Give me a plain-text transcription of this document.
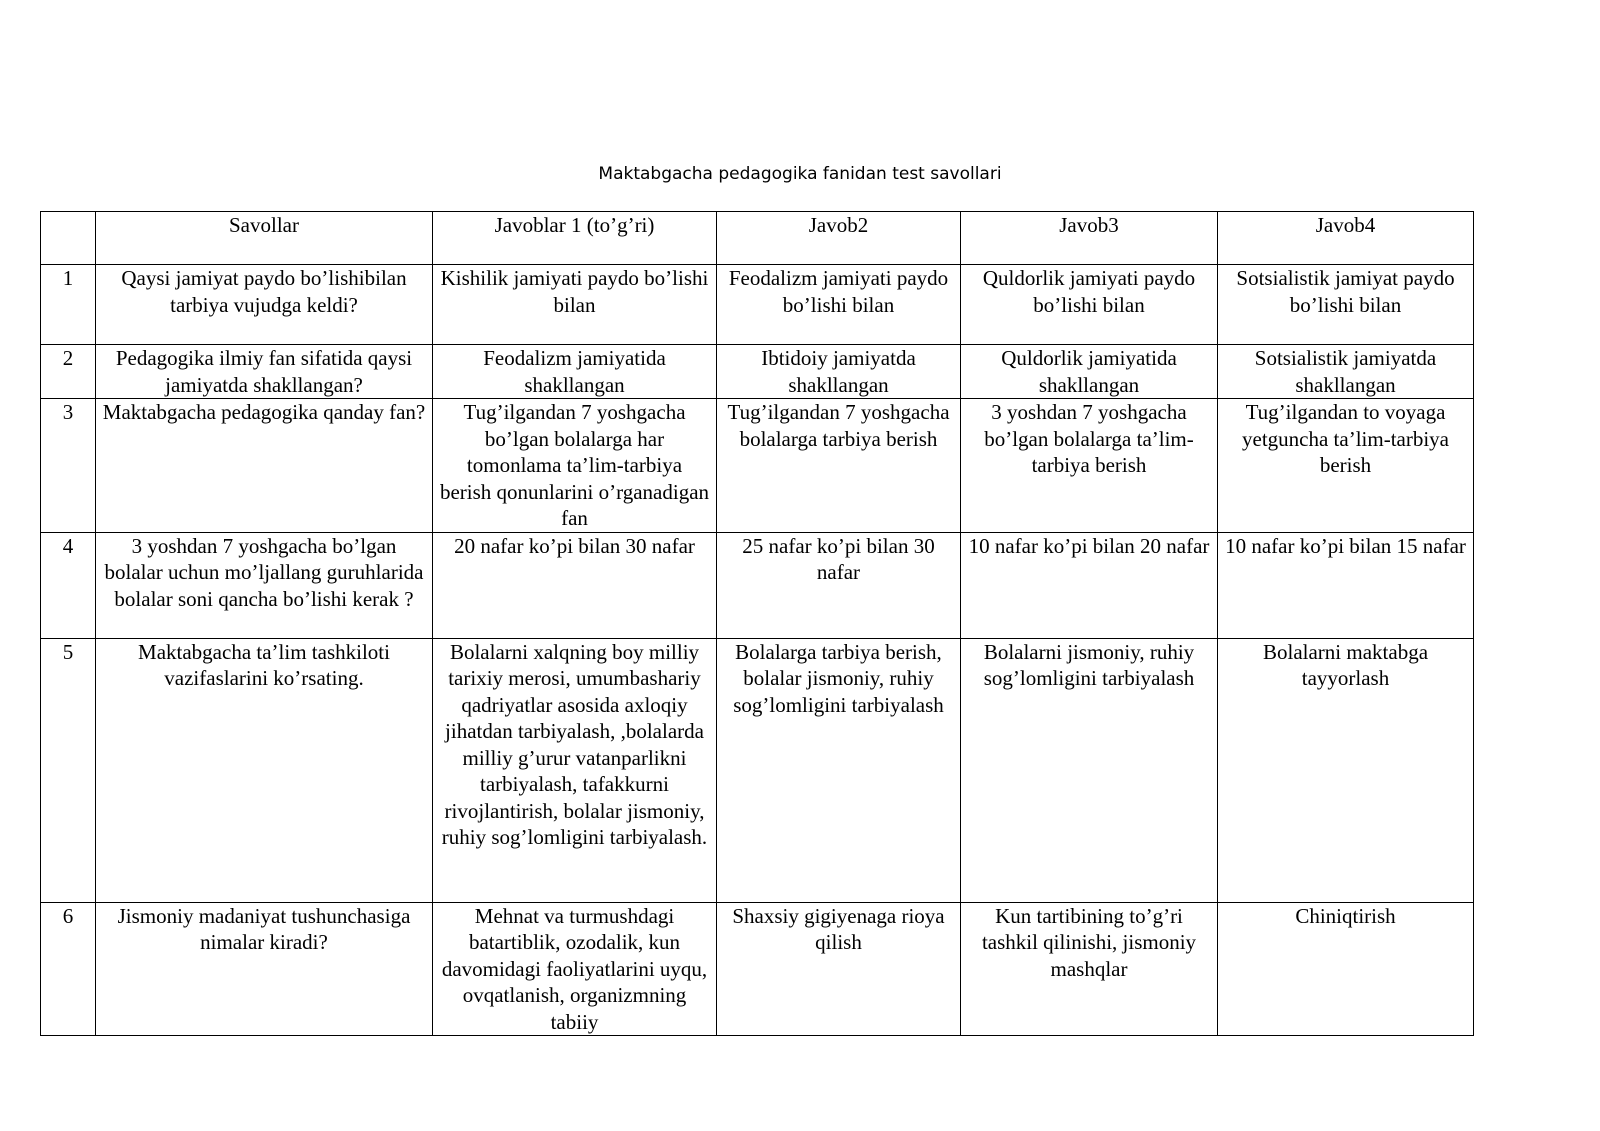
Maktabgacha pedagogika fanidan test savollari
	Savollar	Javoblar 1 (to’g’ri)	Javob2	Javob3	Javob4
1	Qaysi jamiyat paydo bo’lishibilan tarbiya vujudga keldi?	Kishilik jamiyati paydo bo’lishi bilan	Feodalizm jamiyati paydo bo’lishi bilan	Quldorlik jamiyati paydo bo’lishi bilan	Sotsialistik jamiyat paydo bo’lishi bilan
2	Pedagogika ilmiy fan sifatida qaysi jamiyatda shakllangan?	Feodalizm jamiyatida shakllangan	Ibtidoiy jamiyatda shakllangan	Quldorlik jamiyatida shakllangan	Sotsialistik jamiyatda shakllangan
3	Maktabgacha pedagogika qanday fan?	Tug’ilgandan 7 yoshgacha bo’lgan bolalarga har tomonlama ta’lim-tarbiya berish qonunlarini o’rganadigan fan	Tug’ilgandan 7 yoshgacha bolalarga tarbiya berish	3 yoshdan 7 yoshgacha bo’lgan bolalarga ta’lim-tarbiya berish	Tug’ilgandan to voyaga yetguncha ta’lim-tarbiya berish
4	3 yoshdan 7 yoshgacha bo’lgan bolalar uchun mo’ljallang guruhlarida bolalar soni qancha bo’lishi kerak ?	20 nafar ko’pi bilan 30 nafar	25 nafar ko’pi bilan 30 nafar	10 nafar ko’pi bilan 20 nafar	10 nafar ko’pi bilan 15 nafar
5	Maktabgacha ta’lim tashkiloti vazifaslarini ko’rsating.	Bolalarni xalqning boy milliy tarixiy merosi, umumbashariy qadriyatlar asosida axloqiy jihatdan tarbiyalash, ,bolalarda milliy g’urur vatanparlikni tarbiyalash, tafakkurni rivojlantirish, bolalar jismoniy, ruhiy sog’lomligini tarbiyalash.	Bolalarga tarbiya berish, bolalar jismoniy, ruhiy sog’lomligini tarbiyalash	Bolalarni jismoniy, ruhiy sog’lomligini tarbiyalash	Bolalarni maktabga tayyorlash
6	Jismoniy madaniyat tushunchasiga nimalar kiradi?	Mehnat va turmushdagi batartiblik, ozodalik, kun davomidagi faoliyatlarini uyqu, ovqatlanish, organizmning tabiiy	Shaxsiy gigiyenaga rioya qilish	Kun tartibining to’g’ri tashkil qilinishi, jismoniy mashqlar	Chiniqtirish
